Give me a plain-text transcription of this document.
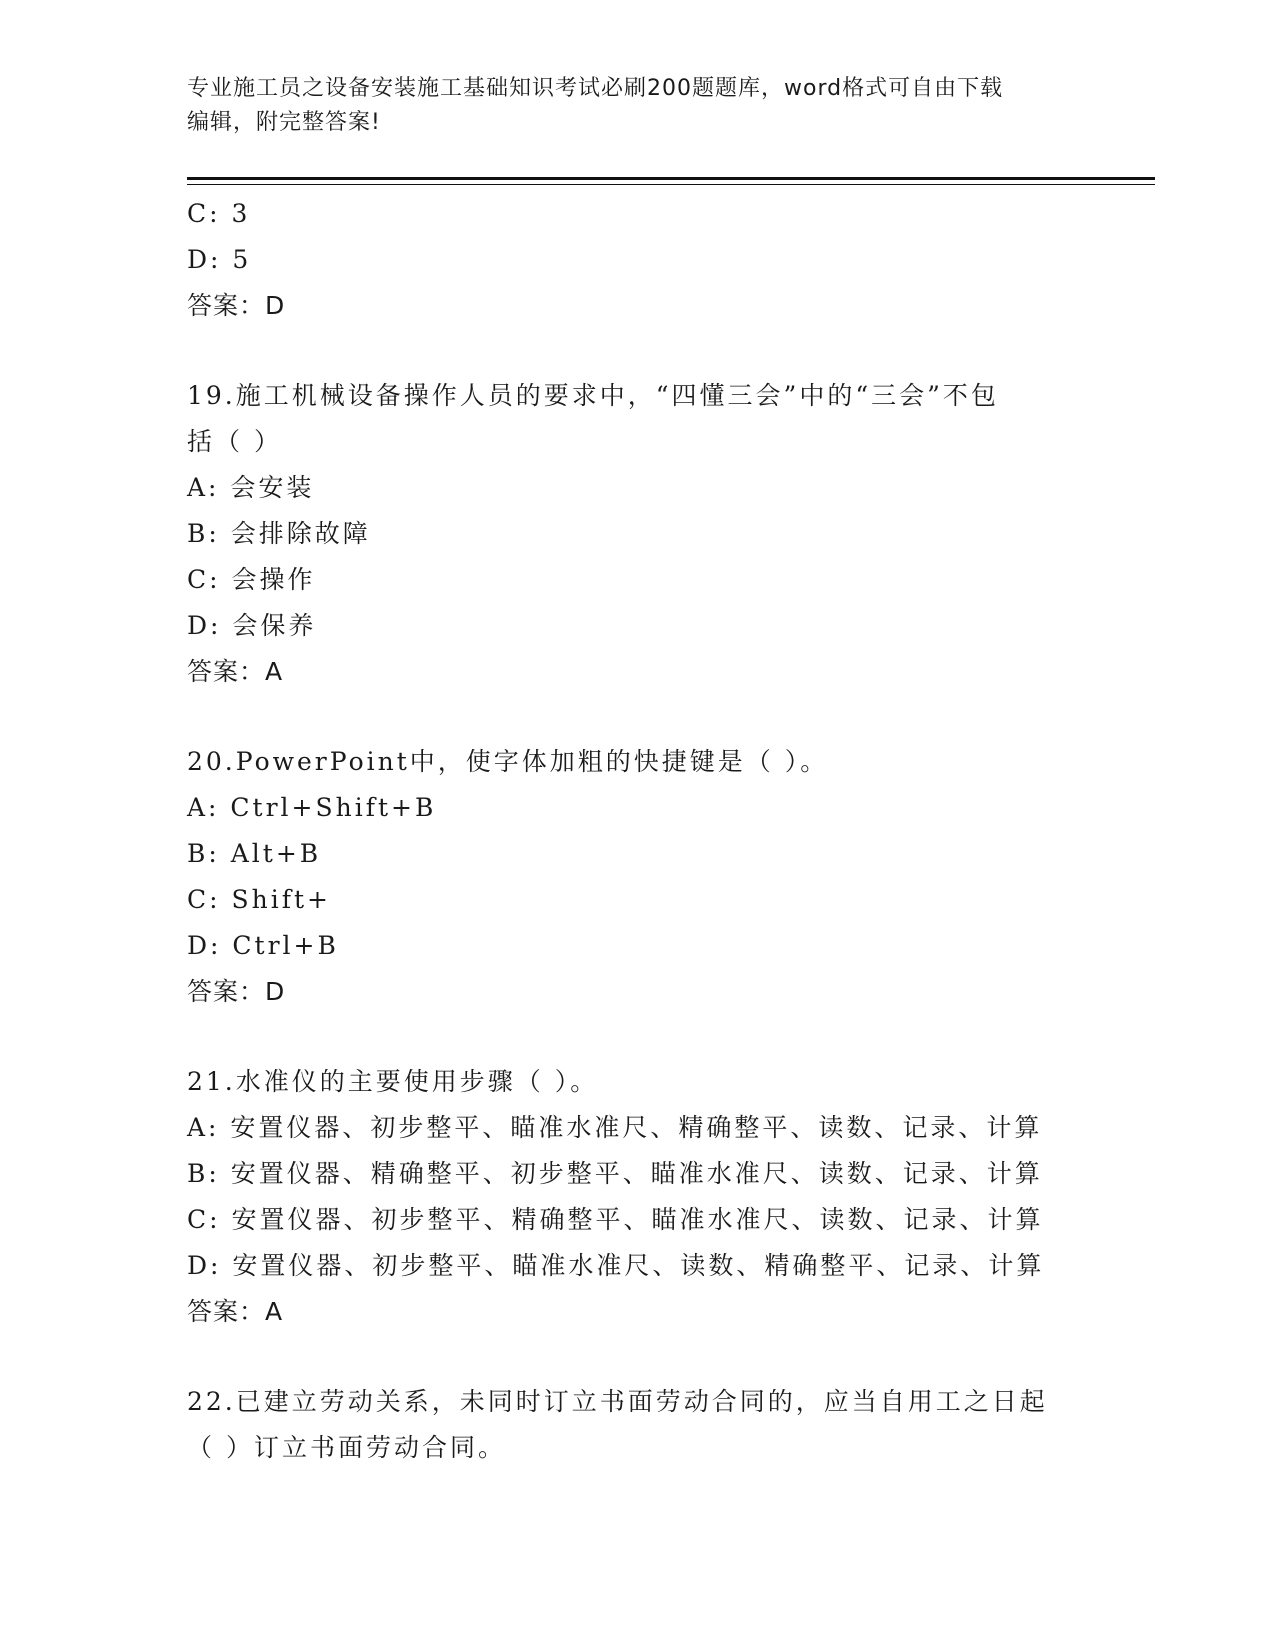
专业施工员之设备安装施工基础知识考试必刷200题题库，word格式可自由下载
编辑，附完整答案!
C: 3
D: 5
答案：D
19.施工机械设备操作人员的要求中，“四懂三会”中的“三会”不包
括（ ）
A: 会安装
B: 会排除故障
C: 会操作
D: 会保养
答案：A
20.PowerPoint中，使字体加粗的快捷键是（ ）。
A: Ctrl+Shift+B
B: Alt+B
C: Shift+
D: Ctrl+B
答案：D
21.水准仪的主要使用步骤（ ）。
A: 安置仪器、初步整平、瞄准水准尺、精确整平、读数、记录、计算
B: 安置仪器、精确整平、初步整平、瞄准水准尺、读数、记录、计算
C: 安置仪器、初步整平、精确整平、瞄准水准尺、读数、记录、计算
D: 安置仪器、初步整平、瞄准水准尺、读数、精确整平、记录、计算
答案：A
22.已建立劳动关系，未同时订立书面劳动合同的，应当自用工之日起
（ ）订立书面劳动合同。
